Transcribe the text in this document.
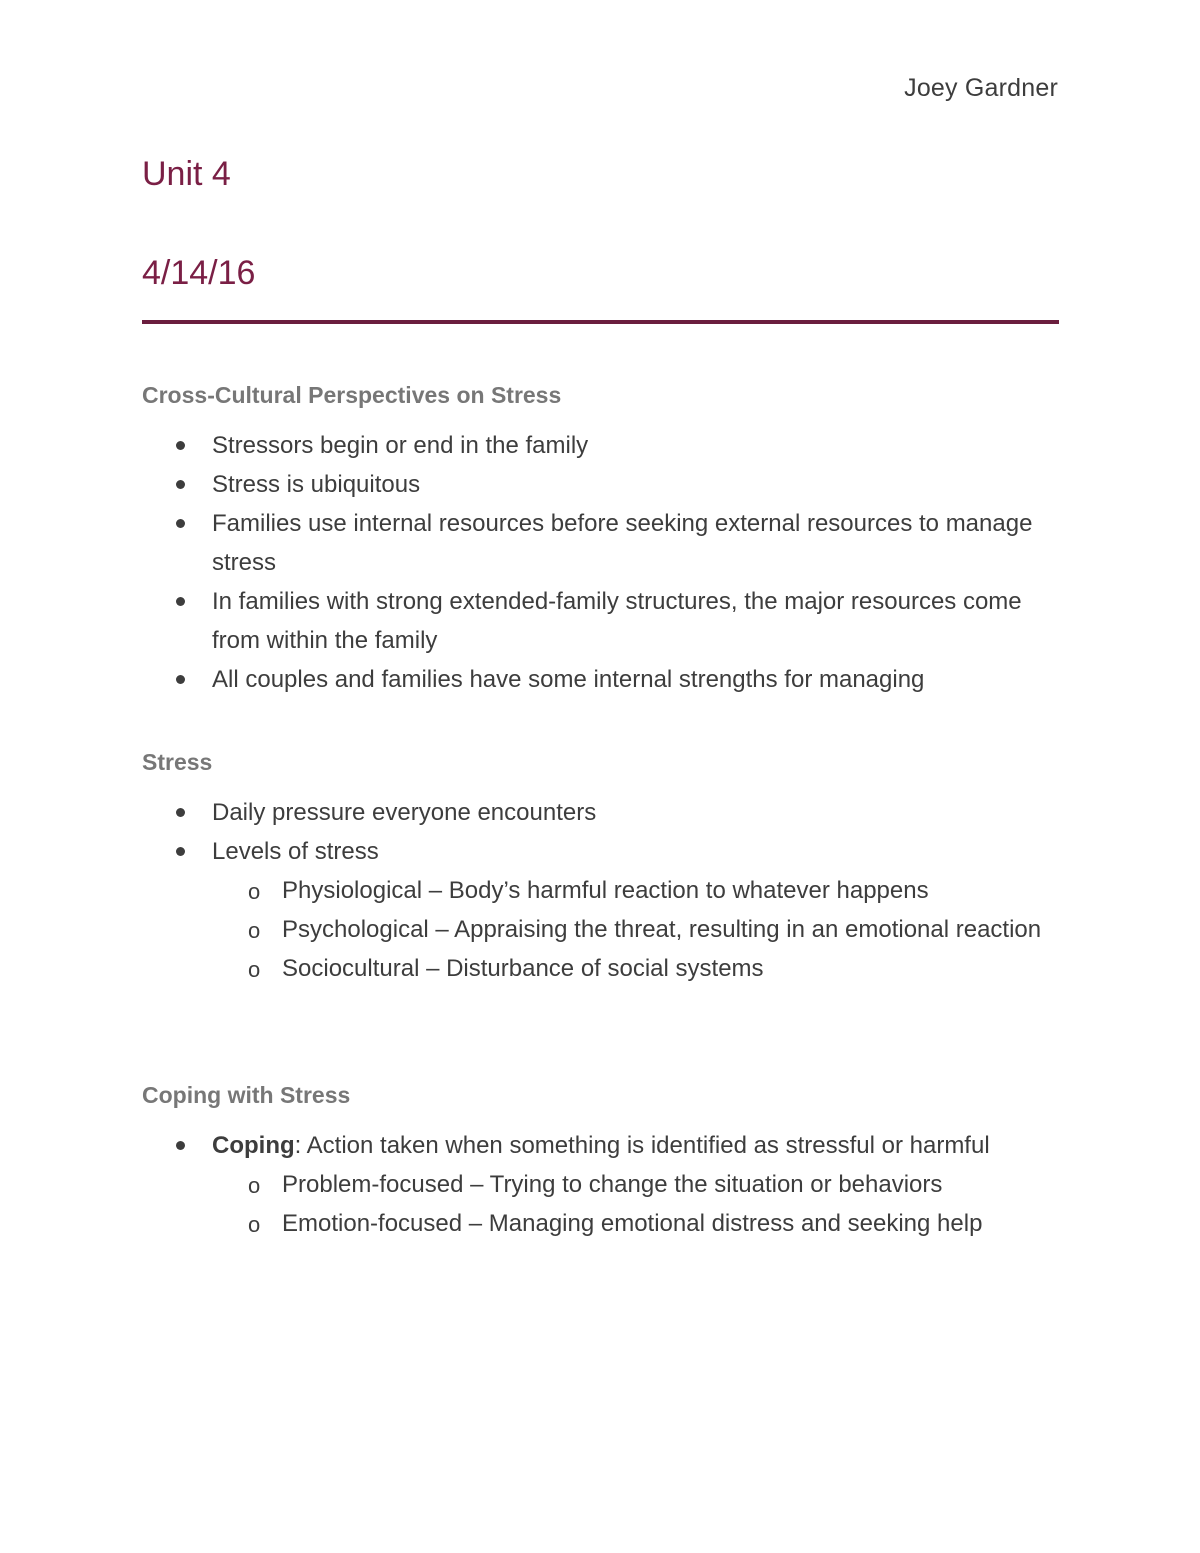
Joey Gardner
Unit 4
4/14/16
Cross-Cultural Perspectives on Stress
Stressors begin or end in the family
Stress is ubiquitous
Families use internal resources before seeking external resources to manage stress
In families with strong extended-family structures, the major resources come from within the family
All couples and families have some internal strengths for managing
Stress
Daily pressure everyone encounters
Levels of stress
o Physiological – Body’s harmful reaction to whatever happens
o Psychological – Appraising the threat, resulting in an emotional reaction
o Sociocultural – Disturbance of social systems
Coping with Stress
Coping: Action taken when something is identified as stressful or harmful
o Problem-focused – Trying to change the situation or behaviors
o Emotion-focused – Managing emotional distress and seeking help
